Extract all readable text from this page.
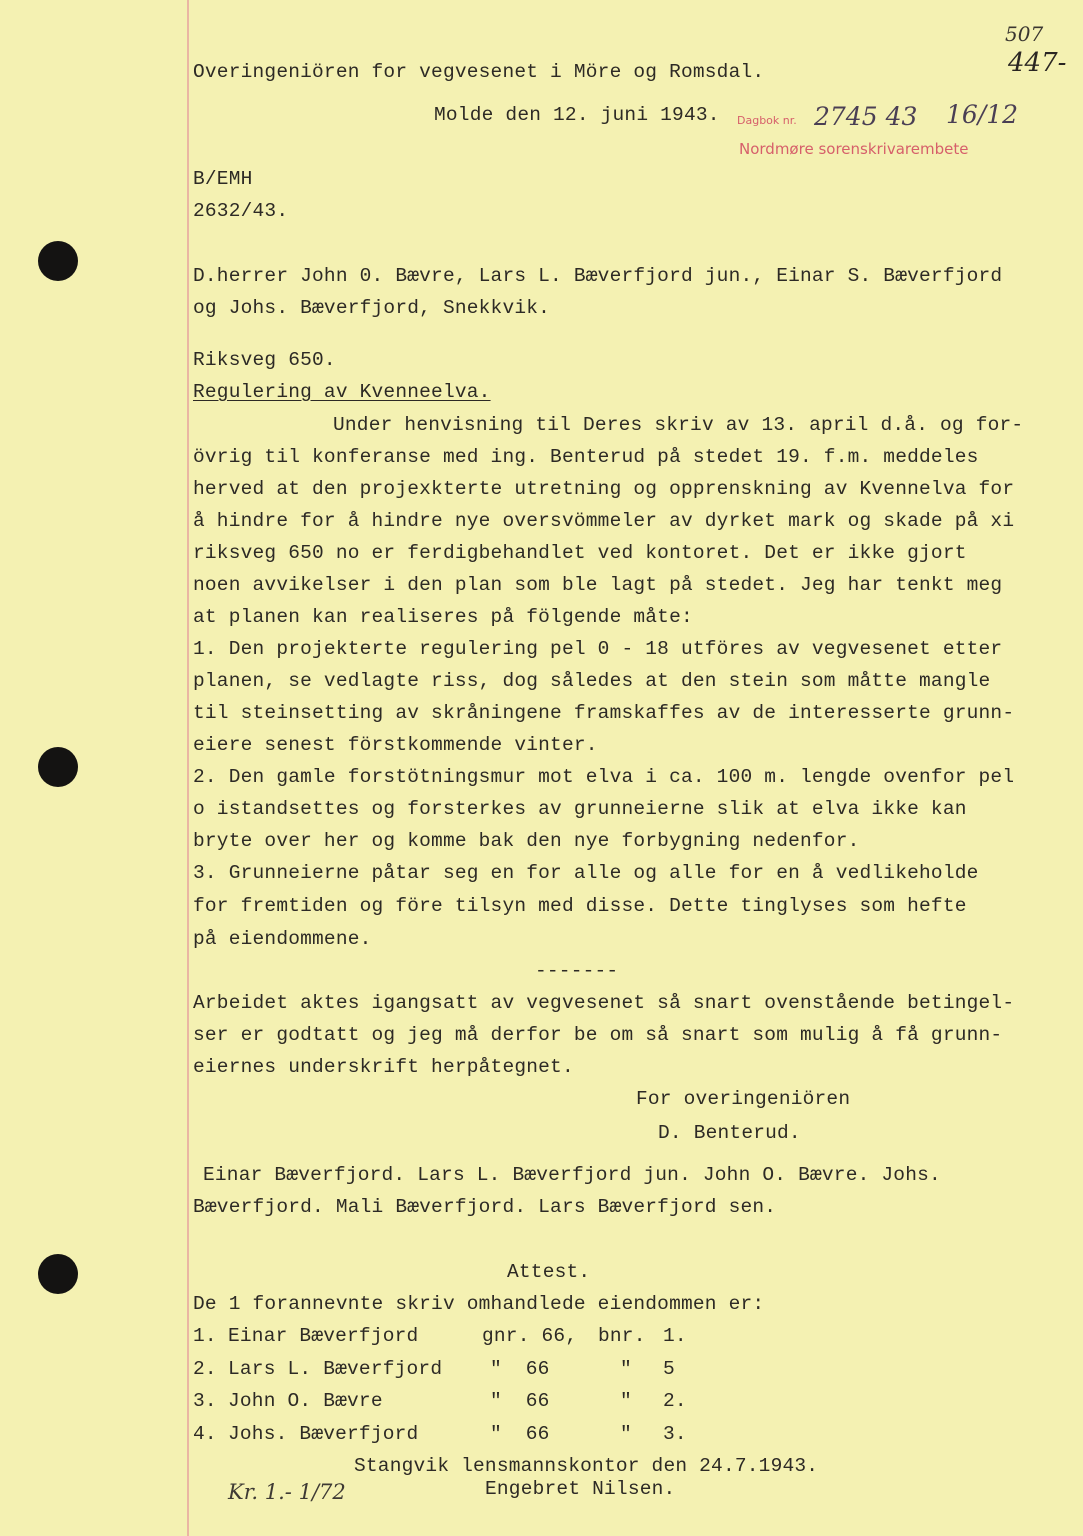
507
447-
Overingeniören for vegvesenet i Möre og Romsdal.
Molde den 12. juni 1943. Dagbok nr. 2745 43 16/12
Nordmøre sorenskrivarembete
B/EMH
2632/43.
D.herrer John 0. Bævre, Lars L. Bæverfjord jun., Einar S. Bæverfjord
og Johs. Bæverfjord, Snekkvik.
Riksveg 650.
Regulering av Kvenneelva.
Under henvisning til Deres skriv av 13. april d.å. og for-
övrig til konferanse med ing. Benterud på stedet 19. f.m. meddeles
herved at den projexkterte utretning og opprenskning av Kvennelva for
å hindre for å hindre nye oversvömmeler av dyrket mark og skade på xi
riksveg 650 no er ferdigbehandlet ved kontoret. Det er ikke gjort
noen avvikelser i den plan som ble lagt på stedet. Jeg har tenkt meg
at planen kan realiseres på fölgende måte:
1. Den projekterte regulering pel 0 - 18 utföres av vegvesenet etter
planen, se vedlagte riss, dog således at den stein som måtte mangle
til steinsetting av skråningene framskaffes av de interesserte grunn-
eiere senest förstkommende vinter.
2. Den gamle forstötningsmur mot elva i ca. 100 m. lengde ovenfor pel
o istandsettes og forsterkes av grunneierne slik at elva ikke kan
bryte over her og komme bak den nye forbygning nedenfor.
3. Grunneierne påtar seg en for alle og alle for en å vedlikeholde
for fremtiden og före tilsyn med disse. Dette tinglyses som hefte
på eiendommene.
-------
Arbeidet aktes igangsatt av vegvesenet så snart ovenstående betingel-
ser er godtatt og jeg må derfor be om så snart som mulig å få grunn-
eiernes underskrift herpåtegnet.
For overingeniören
D. Benterud.
Einar Bæverfjord. Lars L. Bæverfjord jun. John O. Bævre. Johs.
Bæverfjord. Mali Bæverfjord. Lars Bæverfjord sen.
Attest.
De 1 forannevnte skriv omhandlede eiendommen er:
1. Einar Bæverfjord	gnr. 66, bnr. 1.
2. Lars L. Bæverfjord "  66	" 5
3. John O. Bævre	"  66	" 2.
4. Johs. Bæverfjord	"  66	" 3.
Stangvik lensmannskontor den 24.7.1943.
Engebret Nilsen.
Kr. 1.- 1/72
